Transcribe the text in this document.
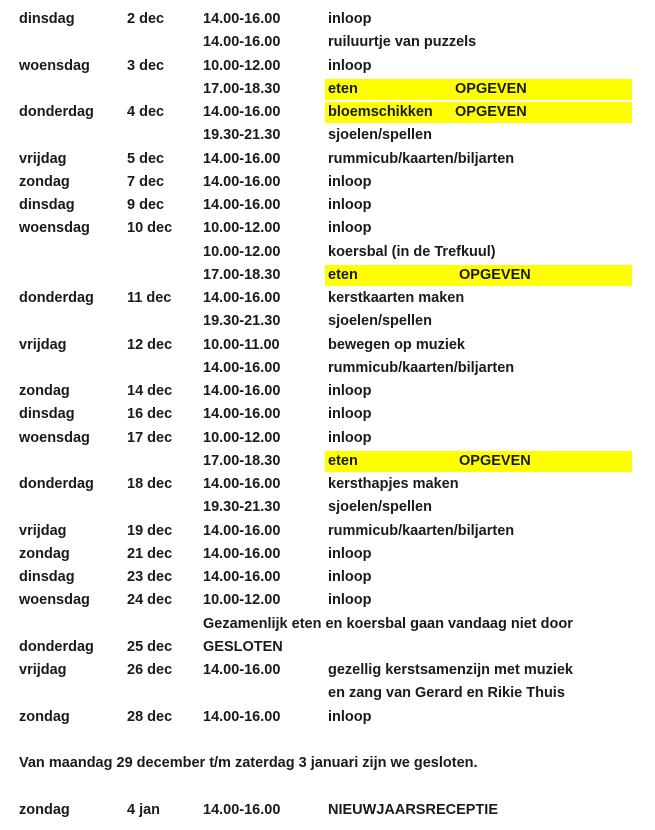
dinsdag	2 dec	14.00-16.00	inloop
14.00-16.00	ruiluurtje van puzzels
woensdag	3 dec	10.00-12.00	inloop
17.00-18.30	eten	OPGEVEN
donderdag 4 dec	14.00-16.00	bloemschikken OPGEVEN
19.30-21.30	sjoelen/spellen
vrijdag	5 dec	14.00-16.00	rummicub/kaarten/biljarten
zondag	7 dec	14.00-16.00	inloop
dinsdag	9 dec	14.00-16.00	inloop
woensdag	10 dec 10.00-12.00	inloop
10.00-12.00	koersbal (in de Trefkuul)
17.00-18.30	eten	OPGEVEN
donderdag 11 dec 14.00-16.00	kerstkaarten maken
19.30-21.30	sjoelen/spellen
vrijdag	12 dec 10.00-11.00	bewegen op muziek
14.00-16.00	rummicub/kaarten/biljarten
zondag	14 dec 14.00-16.00	inloop
dinsdag	16 dec 14.00-16.00	inloop
woensdag	17 dec 10.00-12.00	inloop
17.00-18.30	eten	OPGEVEN
donderdag 18 dec 14.00-16.00	kersthapjes maken
19.30-21.30	sjoelen/spellen
vrijdag	19 dec 14.00-16.00	rummicub/kaarten/biljarten
zondag	21 dec 14.00-16.00	inloop
dinsdag	23 dec 14.00-16.00	inloop
woensdag	24 dec 10.00-12.00	inloop
Gezamenlijk eten en koersbal gaan vandaag niet door
donderdag 25 dec GESLOTEN
vrijdag	26 dec 14.00-16.00	gezellig kerstsamenzijn met muziek
en zang van Gerard en Rikie Thuis
zondag	28 dec 14.00-16.00	inloop
Van maandag 29 december t/m zaterdag 3 januari zijn we gesloten.
zondag	4 jan	14.00-16.00	NIEUWJAARSRECEPTIE
